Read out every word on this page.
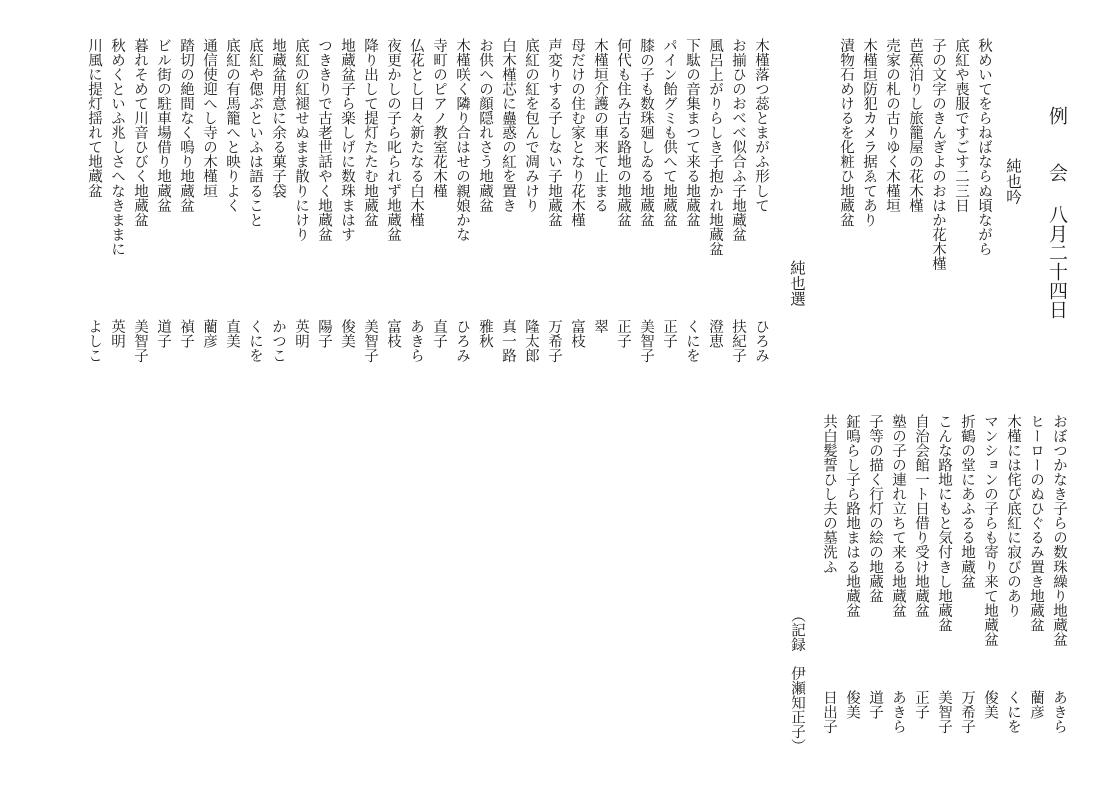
例　　会
八月二十四日
純也吟
秋めいてをらねばならぬ頃ながら
底紅や喪服ですごす二三日
子の文字のきんぎよのおはか花木槿
芭蕉泊りし旅籠屋の花木槿
売家の札の古りゆく木槿垣
木槿垣防犯カメラ据ゑてあり
漬物石めけるを化粧ひ地蔵盆
純也選
木槿落つ蕊とまがふ形して
ひろみ
お揃ひのおべべ似合ふ子地蔵盆
扶紀子
風呂上がりらしき子抱かれ地蔵盆
澄恵
下駄の音集まつて来る地蔵盆
くにを
パイン飴グミも供へて地蔵盆
正子
膝の子も数珠廻しゐる地蔵盆
美智子
何代も住み古る路地の地蔵盆
正子
木槿垣介護の車来て止まる
翠
母だけの住む家となり花木槿
富枝
声変りする子しない子地蔵盆
万希子
底紅の紅を包んで凋みけり
隆太郎
白木槿芯に蠱惑の紅を置き
真一路
お供への顔隠れさう地蔵盆
雅秋
木槿咲く隣り合はせの親娘かな
ひろみ
寺町のピアノ教室花木槿
直子
仏花とし日々新たなる白木槿
あきら
夜更かしの子ら叱られず地蔵盆
富枝
降り出して提灯たたむ地蔵盆
美智子
地蔵盆子ら楽しげに数珠まはす
俊美
つききりで古老世話やく地蔵盆
陽子
底紅の紅褪せぬまま散りにけり
英明
地蔵盆用意に余る菓子袋
かつこ
底紅や偲ぶといふは語ること
くにを
底紅の有馬籠へと映りよく
直美
通信使迎へし寺の木槿垣
藺彦
踏切の絶間なく鳴り地蔵盆
禎子
ビル街の駐車場借り地蔵盆
道子
暮れそめて川音ひびく地蔵盆
美智子
秋めくといふ兆しさへなきままに
英明
川風に提灯揺れて地蔵盆
よしこ
おぼつかなき子らの数珠繰り地蔵盆
あきら
ヒーローのぬひぐるみ置き地蔵盆
藺彦
木槿には侘び底紅に寂びのあり
くにを
マンションの子らも寄り来て地蔵盆
俊美
折鶴の堂にあふるる地蔵盆
万希子
こんな路地にもと気付きし地蔵盆
美智子
自治会館一ト日借り受け地蔵盆
正子
塾の子の連れ立ちて来る地蔵盆
あきら
子等の描く行灯の絵の地蔵盆
道子
鉦鳴らし子ら路地まはる地蔵盆
俊美
共白髪誓ひし夫の墓洗ふ
日出子
（記録　伊瀬知正子）
